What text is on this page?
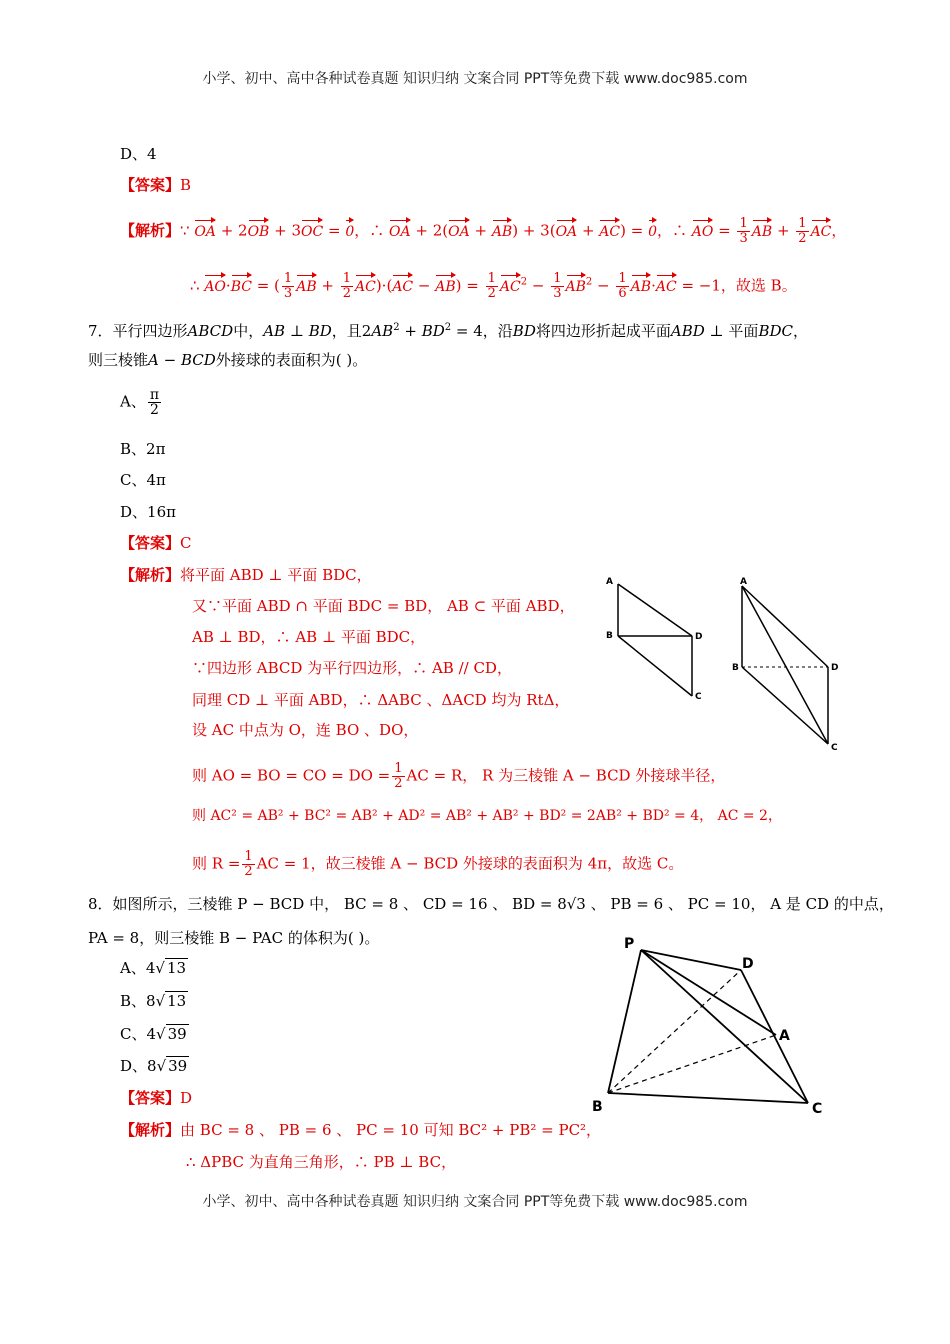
小学、初中、高中各种试卷真题 知识归纳 文案合同 PPT等免费下载 www.doc985.com
D、4
【答案】B
【解析】∵ OA + 2OB + 3OC = 0，∴ OA + 2(OA + AB) + 3(OA + AC) = 0，∴ AO = $\frac{1}{3}$ AB + $\frac{1}{2}$ AC，
∴ AO·BC = ( $\frac{1}{3}$ AB + $\frac{1}{2} AC)\cdot(AC - AB) = \frac{1}{2} AC^2 - \frac{1}{3} AB^2 - \frac{1}{6} AB\cdot AC = -1$，故选 B。
7．平行四边形ABCD中，AB ⊥ BD，且$2AB^2 + BD^2 = 4$，沿BD将四边形折起成平面ABD ⊥ 平面BDC，
则三棱锥A − BCD外接球的表面积为( )。
A、 $\frac{\pi}{2}$
B、2π
C、4π
D、16π
【答案】C
【解析】将平面 ABD ⊥ 平面 BDC，
又∵平面 ABD ∩ 平面 BDC = BD， AB ⊂ 平面 ABD，
AB ⊥ BD，∴ AB ⊥ 平面 BDC，
∵四边形 ABCD 为平行四边形，∴ AB // CD，
同理 CD ⊥ 平面 ABD，∴ ΔABC 、ΔACD 均为 RtΔ，
设 AC 中点为 O，连 BO 、DO，
则 AO = BO = CO = DO = $\frac{1}{2}$ AC = R， R 为三棱锥 A − BCD 外接球半径，
则 AC² = AB² + BC² = AB² + AD² = AB² + AB² + BD² = 2AB² + BD² = 4， AC = 2，
则 $R = \frac{1}{2}$ AC = 1，故三棱锥 A − BCD 外接球的表面积为 4π，故选 C。
A
B	D
C
A
B	D
C
8．如图所示，三棱锥 P − BCD 中， BC = 8 、 CD = 16 、 BD = 8√3 、 PB = 6 、 PC = 10， A 是 CD 的中点，
PA = 8，则三棱锥 B − PAC 的体积为( )。
A、4√ 13
B、8√ 13
C、4√ 39
D、8√ 39
【答案】D
【解析】由 BC = 8 、 PB = 6 、 PC = 10 可知 BC² + PB² = PC²，
∴ ΔPBC 为直角三角形，∴ PB ⊥ BC，
P
D
A
B	C
小学、初中、高中各种试卷真题 知识归纳 文案合同 PPT等免费下载 www.doc985.com
